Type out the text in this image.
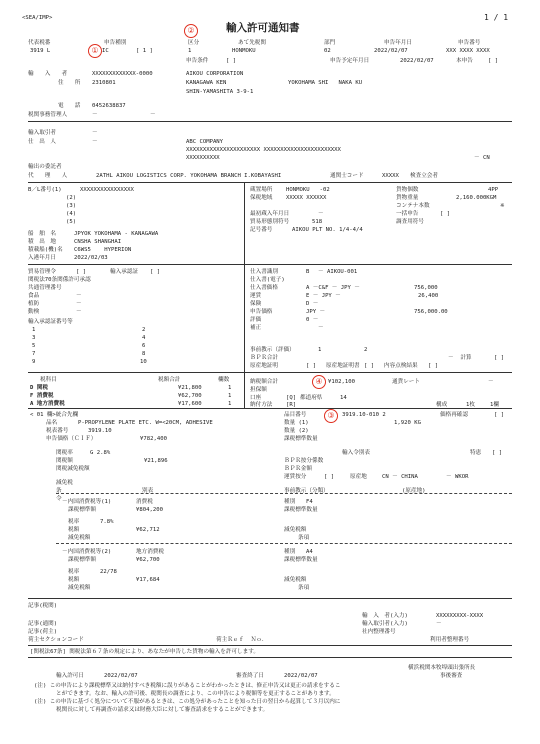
<SEA/IMP>	1 / 1
輸入許可通知書
②
代表税番
3919 L
申告種別
① IC	[ 1 ]
区分
1
あて先税関
HONMOKU
部門
02
申告年月日
2022/02/07
申告番号
XXX XXXX XXXX
申告条件	[ ]	申告予定年月日	2022/02/07	本申告	[ ]
輸　　入　　者	XXXXXXXXXXXXX-0000	AIKOU CORPORATION
住　　所 2310801	KANAGAWA KEN	YOKOHAMA SHI   NAKA KU
SHIN-YAMASHITA 3-9-1
電　　話 0452638837
税関事務管理人	－	－
輸入取引者	－
仕　出　人	－	ABC COMPANY
XXXXXXXXXXXXXXXXXXXXXX XXXXXXXXXXXXXXXXXXXXXXX
XXXXXXXXXX	－ CN
輸出の委託者
代　　理　　人	2ATHL AIKOU LOGISTICS CORP. YOKOHAMA BRANCH I.KOBAYASHI	通関士コード	XXXXX 検査立会者
B／L番号(1)	XXXXXXXXXXXXXXXX
(2)
(3)
(4)
(5)
船　舶　名	JPYOK YOKOHAMA - KANAGAWA
積　出　地	CNSHA SHANGHAI
積載船(機)名 C6WS5    HYPERION
入港年月日	2022/02/03
蔵置場所 HONMOKU   -02
保税地域 XXXXX XXXXXX
貨物個数	4PP
貨物重量	2,160.000KGM
コンテナ本数	※
最初蔵入年月日	－	一括申告	[ ]
貿易形態別符号	518	調査用符号
記号番号	AIKOU PLT NO. 1/4-4/4
貿易管理令	[ ]	輸入承認証 [ ]
関税法70条関係許可承認
共通管理番号
食品	－
植防	－
動検	－
輸入承認証番号等
1	2
3	4
5	6
7	8
9	10
仕入書識別	B － AIKOU-001
仕入書(電子)
仕入書価格	A －C&F － JPY －	756,000
運賃	E － JPY －	26,400
保険	D －
申告価格	JPY －	756,000.00
評価	0 －
補正	－
事前教示（評価）	1	2
ＢＰＲ合計	－  計算	[ ]
原産地証明	[ ] 原産地証明書 [ ] 内容点検結果 [ ]
税科目	税額合計	欄数
D 関税	¥21,800	1
F 消費税	¥62,700	1
A 地方消費税	¥17,600	1
納税額合計	④ ¥102,100	通貨レート	－
担保額
口座	[Q] 都道府県	14
納付方法 [R]	構成	1枚	1欄
< 01 欄>統合先欄
品名	P-PROPYLENE PLATE ETC. W=<20CM, ADHESIVE
税表番号	3919.10
申告価格（ＣＩＦ）	¥782,400
③
品目番号	3919.10-010 2	価格再確認	[ ]
数量 (1)	1,920 KG
数量 (2)
課税標準数量
関税率	G 2.8%
関税額	¥21,896
関税減免税額
輸入令別表	特恵 [ ]
ＢＰＲ按分係数
ＢＰＲ金額
運賃按分	[ ]	原産地	CN － CHINA	－ WKOR
減免税
条
令
別表	事前教示（分類）	(原産地)
－内国消費税等(1)	消費税
課税標準額	¥804,200
種別 F4
課税標準数量
税率	7.8%
税額	¥62,712
減免税額
減免税額
条項
－内国消費税等(2)	地方消費税
課税標準額	¥62,700
種別 A4
課税標準数量
税率	22/78
税額	¥17,684
減免税額
減免税額
条項
記事(税関)
記事(通関)
記事(荷主)
荷主セクションコード	荷主Ｒｅｆ  Ｎｏ．
輸　入　者(入力)	XXXXXXXXX-XXXX
輸入取引者(入力)	－
社内整理番号
利用者整理番号
[関税法67条] 関税法第６７条の規定により、あなたが申告した貨物の輸入を許可します。
横浜税関本牧埠頭出張所長
事後審査
輸入許可日	2022/02/07	審査終了日	2022/02/07
(注) この申告により課税標準又は納付すべき税額に誤りがあることがわかったときは、修正申告又は更正の請求をするこ
とができます。なお、輸入の許可後、税関長の調査により、この申告により税額等を更正することがあります。
(注) この申告に基づく処分について不服があるときは、この処分があったことを知った日の翌日から起算して３月以内に
税関長に対して再調査の請求又は財務大臣に対して審査請求をすることができます。
